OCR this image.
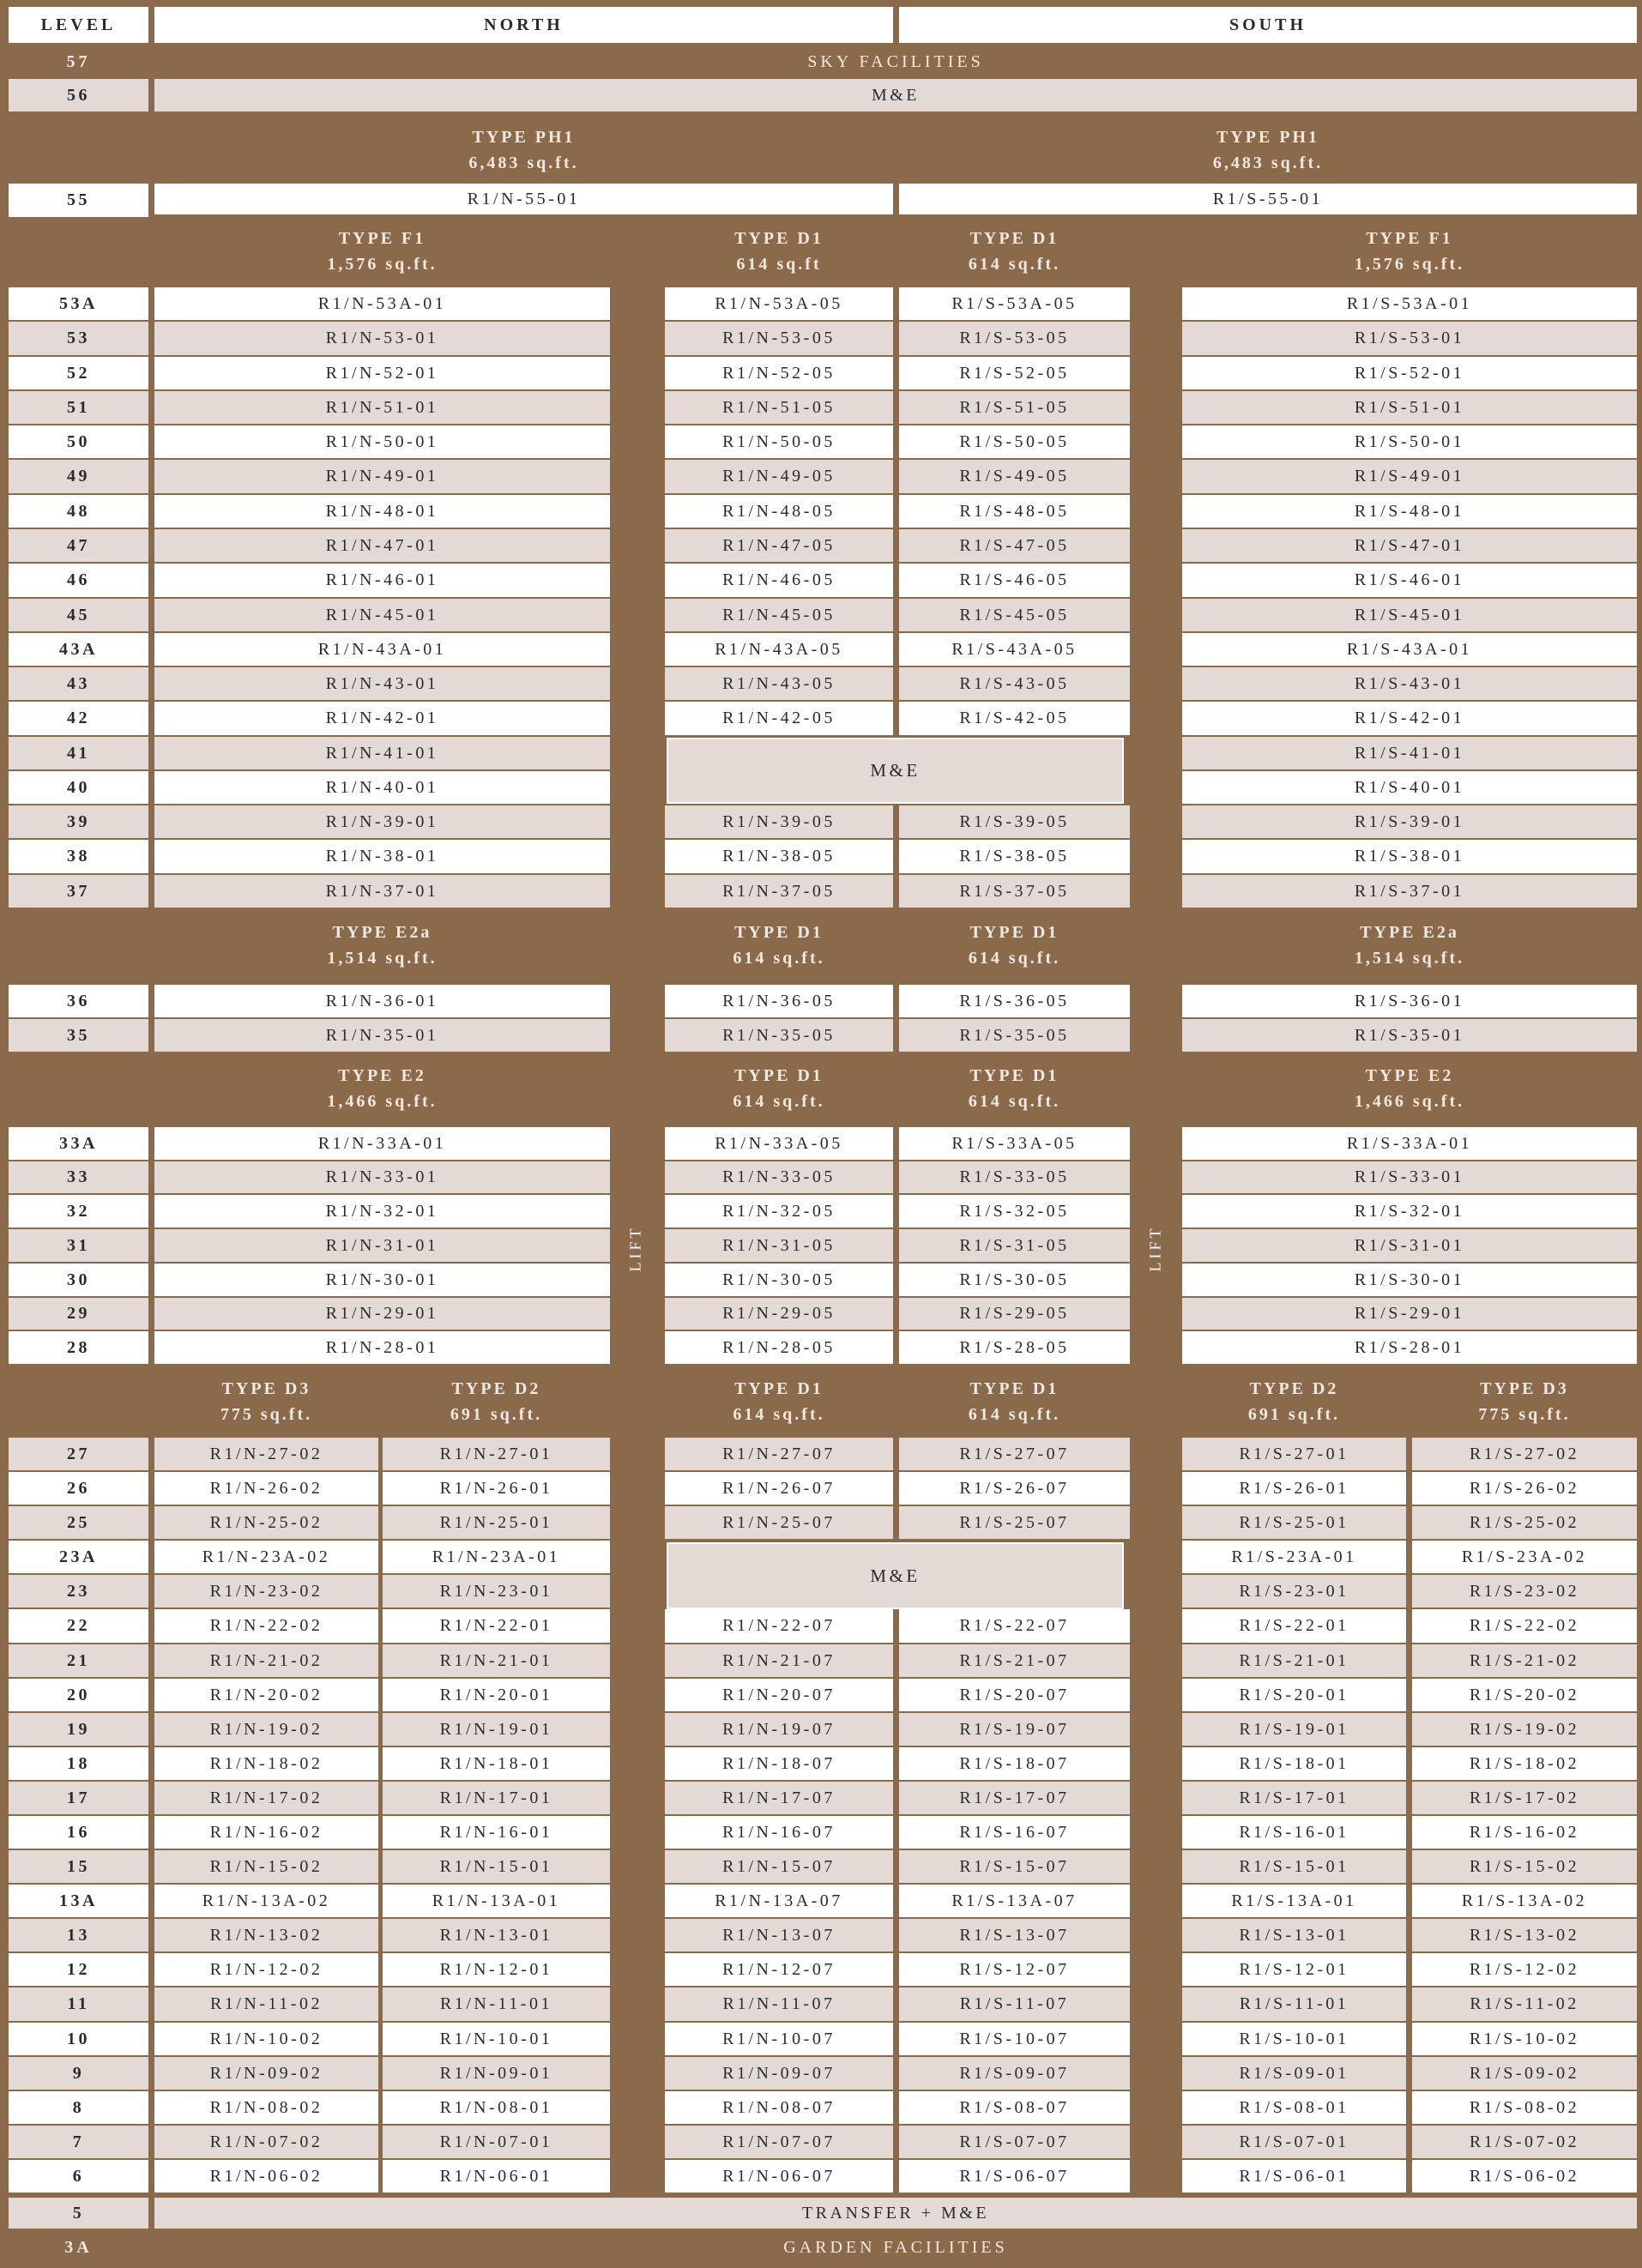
LEVEL	NORTH	SOUTH
57	SKY FACILITIES
56	M&E
TYPE PH1
6,483 sq.ft.
TYPE PH1
6,483 sq.ft.
55	R1/N-55-01	R1/S-55-01
LIFT	LIFT
TYPE F1
1,576 sq.ft.
TYPE D1
614 sq.ft
TYPE D1
614 sq.ft.
TYPE F1
1,576 sq.ft.
53A	R1/N-53A-01	R1/N-53A-05	R1/S-53A-05	R1/S-53A-01
53	R1/N-53-01	R1/N-53-05	R1/S-53-05	R1/S-53-01
52	R1/N-52-01	R1/N-52-05	R1/S-52-05	R1/S-52-01
51	R1/N-51-01	R1/N-51-05	R1/S-51-05	R1/S-51-01
50	R1/N-50-01	R1/N-50-05	R1/S-50-05	R1/S-50-01
49	R1/N-49-01	R1/N-49-05	R1/S-49-05	R1/S-49-01
48	R1/N-48-01	R1/N-48-05	R1/S-48-05	R1/S-48-01
47	R1/N-47-01	R1/N-47-05	R1/S-47-05	R1/S-47-01
46	R1/N-46-01	R1/N-46-05	R1/S-46-05	R1/S-46-01
45	R1/N-45-01	R1/N-45-05	R1/S-45-05	R1/S-45-01
43A	R1/N-43A-01	R1/N-43A-05	R1/S-43A-05	R1/S-43A-01
43	R1/N-43-01	R1/N-43-05	R1/S-43-05	R1/S-43-01
42	R1/N-42-01	R1/N-42-05	R1/S-42-05	R1/S-42-01
41	R1/N-41-01	R1/S-41-01
40	R1/N-40-01	R1/S-40-01
39	R1/N-39-01	R1/N-39-05	R1/S-39-05	R1/S-39-01
38	R1/N-38-01	R1/N-38-05	R1/S-38-05	R1/S-38-01
37	R1/N-37-01	R1/N-37-05	R1/S-37-05	R1/S-37-01
TYPE E2a
1,514 sq.ft.
TYPE D1
614 sq.ft.
TYPE D1
614 sq.ft.
TYPE E2a
1,514 sq.ft.
36	R1/N-36-01	R1/N-36-05	R1/S-36-05	R1/S-36-01
35	R1/N-35-01	R1/N-35-05	R1/S-35-05	R1/S-35-01
TYPE E2
1,466 sq.ft.
TYPE D1
614 sq.ft.
TYPE D1
614 sq.ft.
TYPE E2
1,466 sq.ft.
33A	R1/N-33A-01	R1/N-33A-05	R1/S-33A-05	R1/S-33A-01
33	R1/N-33-01	R1/N-33-05	R1/S-33-05	R1/S-33-01
32	R1/N-32-01	R1/N-32-05	R1/S-32-05	R1/S-32-01
31	R1/N-31-01	R1/N-31-05	R1/S-31-05	R1/S-31-01
30	R1/N-30-01	R1/N-30-05	R1/S-30-05	R1/S-30-01
29	R1/N-29-01	R1/N-29-05	R1/S-29-05	R1/S-29-01
28	R1/N-28-01	R1/N-28-05	R1/S-28-05	R1/S-28-01
TYPE D3
775 sq.ft.
TYPE D2
691 sq.ft.
TYPE D1
614 sq.ft.
TYPE D1
614 sq.ft.
TYPE D2
691 sq.ft.
TYPE D3
775 sq.ft.
27	R1/N-27-02	R1/N-27-01	R1/N-27-07	R1/S-27-07	R1/S-27-01	R1/S-27-02
26	R1/N-26-02	R1/N-26-01	R1/N-26-07	R1/S-26-07	R1/S-26-01	R1/S-26-02
25	R1/N-25-02	R1/N-25-01	R1/N-25-07	R1/S-25-07	R1/S-25-01	R1/S-25-02
23A	R1/N-23A-02	R1/N-23A-01	R1/S-23A-01	R1/S-23A-02
23	R1/N-23-02	R1/N-23-01	R1/S-23-01	R1/S-23-02
22	R1/N-22-02	R1/N-22-01	R1/N-22-07	R1/S-22-07	R1/S-22-01	R1/S-22-02
21	R1/N-21-02	R1/N-21-01	R1/N-21-07	R1/S-21-07	R1/S-21-01	R1/S-21-02
20	R1/N-20-02	R1/N-20-01	R1/N-20-07	R1/S-20-07	R1/S-20-01	R1/S-20-02
19	R1/N-19-02	R1/N-19-01	R1/N-19-07	R1/S-19-07	R1/S-19-01	R1/S-19-02
18	R1/N-18-02	R1/N-18-01	R1/N-18-07	R1/S-18-07	R1/S-18-01	R1/S-18-02
17	R1/N-17-02	R1/N-17-01	R1/N-17-07	R1/S-17-07	R1/S-17-01	R1/S-17-02
16	R1/N-16-02	R1/N-16-01	R1/N-16-07	R1/S-16-07	R1/S-16-01	R1/S-16-02
15	R1/N-15-02	R1/N-15-01	R1/N-15-07	R1/S-15-07	R1/S-15-01	R1/S-15-02
13A	R1/N-13A-02	R1/N-13A-01	R1/N-13A-07	R1/S-13A-07	R1/S-13A-01	R1/S-13A-02
13	R1/N-13-02	R1/N-13-01	R1/N-13-07	R1/S-13-07	R1/S-13-01	R1/S-13-02
12	R1/N-12-02	R1/N-12-01	R1/N-12-07	R1/S-12-07	R1/S-12-01	R1/S-12-02
11	R1/N-11-02	R1/N-11-01	R1/N-11-07	R1/S-11-07	R1/S-11-01	R1/S-11-02
10	R1/N-10-02	R1/N-10-01	R1/N-10-07	R1/S-10-07	R1/S-10-01	R1/S-10-02
9	R1/N-09-02	R1/N-09-01	R1/N-09-07	R1/S-09-07	R1/S-09-01	R1/S-09-02
8	R1/N-08-02	R1/N-08-01	R1/N-08-07	R1/S-08-07	R1/S-08-01	R1/S-08-02
7	R1/N-07-02	R1/N-07-01	R1/N-07-07	R1/S-07-07	R1/S-07-01	R1/S-07-02
6	R1/N-06-02	R1/N-06-01	R1/N-06-07	R1/S-06-07	R1/S-06-01	R1/S-06-02
M&E
M&E
5	TRANSFER + M&E
3A	GARDEN FACILITIES
